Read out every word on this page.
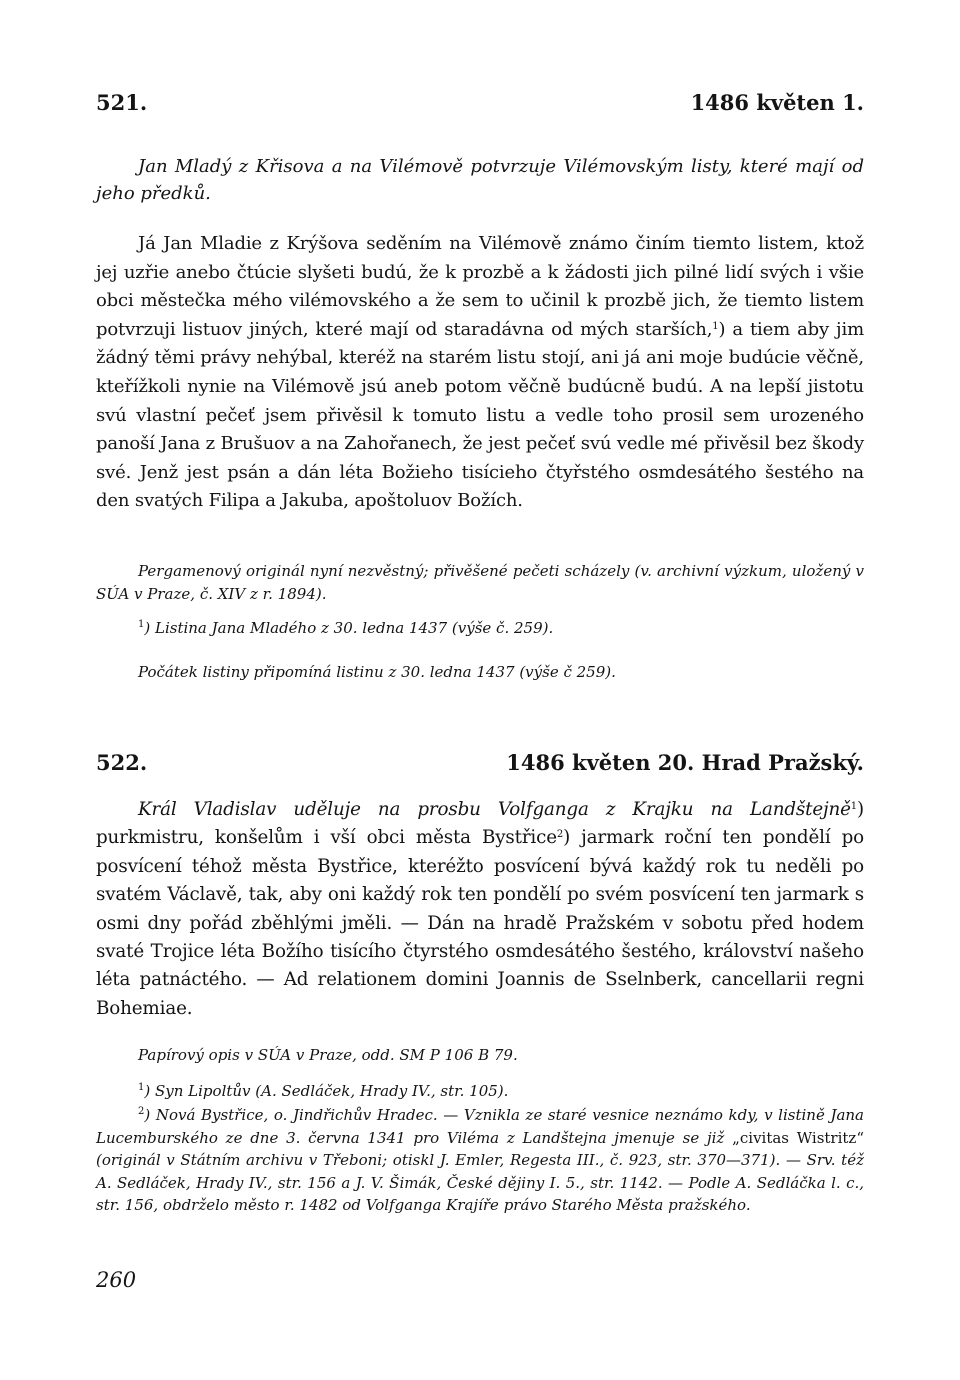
521.	1486 květen 1.
Jan Mladý z Křisova a na Vilémově potvrzuje Vilémovským listy, které mají od jeho předků.

Já Jan Mladie z Krýšova seděním na Vilémově známo činím tiemto listem, ktož jej uzřie anebo čtúcie slyšeti budú, že k prozbě a k žádosti jich pilné lidí svých i všie obci městečka mého vilémovského a že sem to učinil k prozbě jich, že tiemto listem potvrzuji listuov jiných, které mají od staradávna od mých starších,$^1$) a tiem aby jim žádný těmi právy nehýbal, kteréž na starém listu stojí, ani já ani moje budúcie věčně, kteřížkoli nynie na Vilémově jsú aneb potom věčně budúcně budú. A na lepší jistotu svú vlastní pečeť jsem přivěsil k tomuto listu a vedle toho prosil sem urozeného panoší Jana z Brušuov a na Zahořanech, že jest pečeť svú vedle mé přivěsil bez škody své. Jenž jest psán a dán léta Božieho tisícieho čtyřstého osmdesátého šestého na den svatých Filipa a Jakuba, apoštoluov Božích.

Pergamenový originál nyní nezvěstný; přivěšené pečeti scházely (v. archivní výzkum, uložený v SÚA v Praze, č. XIV z r. 1894).

$^1$) Listina Jana Mladého z 30. ledna 1437 (výše č. 259).

Počátek listiny připomíná listinu z 30. ledna 1437 (výše č 259).

522.	1486 květen 20. Hrad Pražský.

Král Vladislav uděluje na prosbu Volfganga z Krajku na Landštejně$^1$) purkmistru, konšelům i vší obci města Bystřice$^2$) jarmark roční ten pondělí po posvícení téhož města Bystřice, kteréžto posvícení bývá každý rok tu neděli po svatém Václavě, tak, aby oni každý rok ten pondělí po svém posvícení ten jarmark s osmi dny pořád zběhlými jměli. — Dán na hradě Pražském v sobotu před hodem svaté Trojice léta Božího tisícího čtyrstého osmdesátého šestého, království našeho léta patnáctého. — Ad relationem domini Joannis de Sselnberk, cancellarii regni Bohemiae.

Papírový opis v SÚA v Praze, odd. SM P 106 B 79.

$^1$) Syn Lipoltův (A. Sedláček, Hrady IV., str. 105).

$^2$) Nová Bystřice, o. Jindřichův Hradec. — Vznikla ze staré vesnice neznámo kdy, v listině Jana Lucemburského ze dne 3. června 1341 pro Viléma z Landštejna jmenuje se již „civitas Wistritz“ (originál v Státním archivu v Třeboni; otiskl J. Emler, Regesta III., č. 923, str. 370—371). — Srv. též A. Sedláček, Hrady IV., str. 156 a J. V. Šimák, České dějiny I. 5., str. 1142. — Podle A. Sedláčka l. c., str. 156, obdrželo město r. 1482 od Volfganga Krajíře právo Starého Města pražského.

260
